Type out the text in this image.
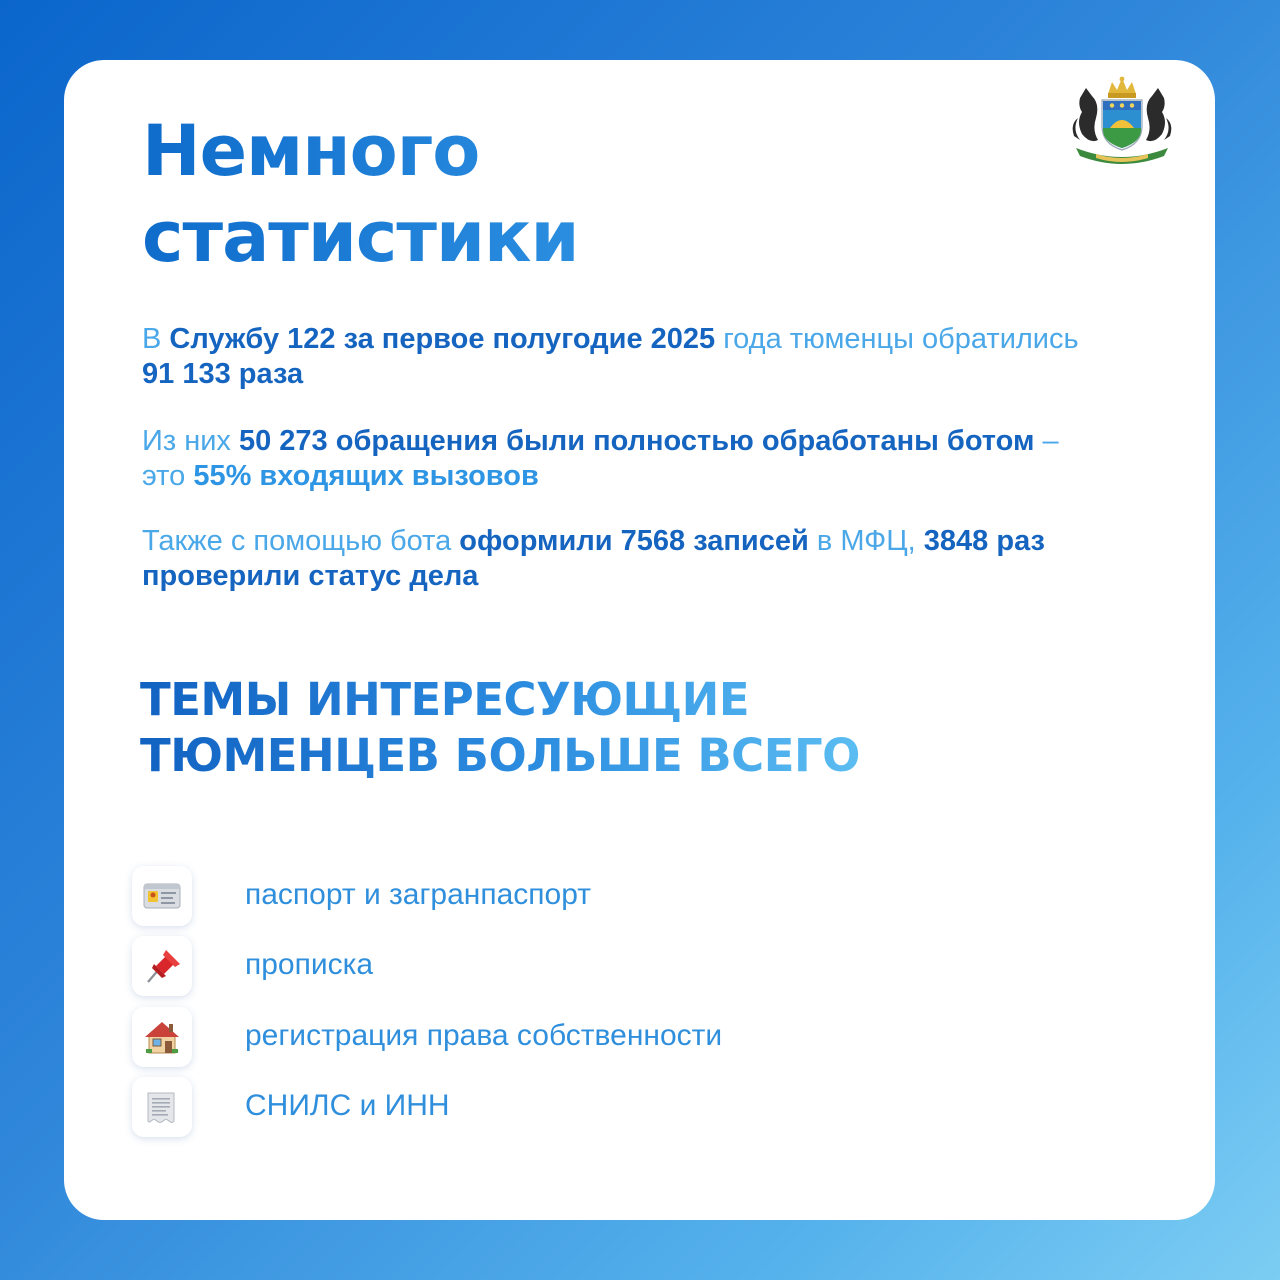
Немного
статистики
В Службу 122 за первое полугодие 2025 года тюменцы обратились 91 133 раза
Из них 50 273 обращения были полностью обработаны ботом – это 55% входящих вызовов
Также с помощью бота оформили 7568 записей в МФЦ, 3848 раз проверили статус дела
ТЕМЫ ИНТЕРЕСУЮЩИЕ
ТЮМЕНЦЕВ БОЛЬШЕ ВСЕГО
паспорт и загранпаспорт
прописка
регистрация права собственности
СНИЛС и ИНН
